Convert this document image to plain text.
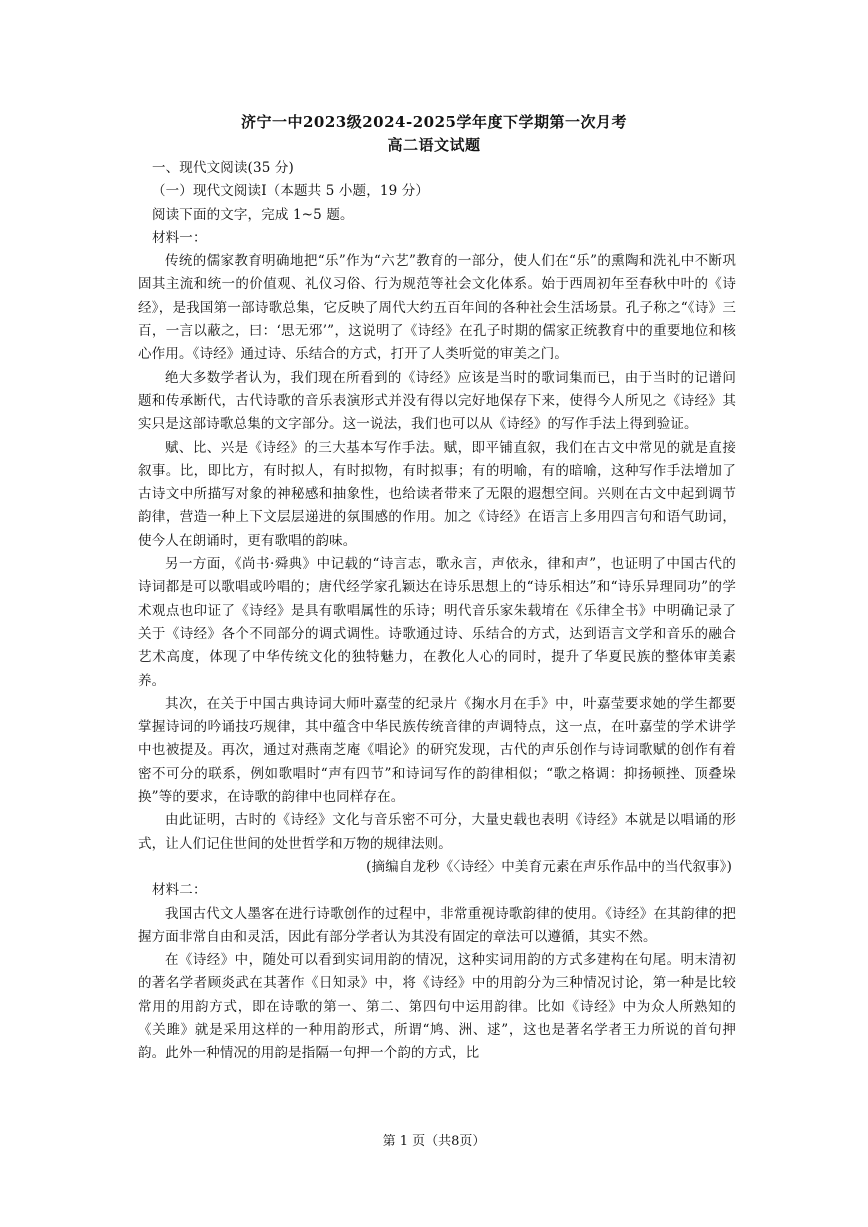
济宁一中2023级2024-2025学年度下学期第一次月考
高二语文试题

一、现代文阅读(35 分)

（一）现代文阅读Ⅰ（本题共 5 小题，19 分）

阅读下面的文字，完成 1~5 题。

材料一：

传统的儒家教育明确地把“乐”作为“六艺”教育的一部分，使人们在“乐”的熏陶和洗礼中不断巩固其主流和统一的价值观、礼仪习俗、行为规范等社会文化体系。始于西周初年至春秋中叶的《诗经》，是我国第一部诗歌总集，它反映了周代大约五百年间的各种社会生活场景。孔子称之“《诗》三百，一言以蔽之，曰：‘思无邪’”，这说明了《诗经》在孔子时期的儒家正统教育中的重要地位和核心作用。《诗经》通过诗、乐结合的方式，打开了人类听觉的审美之门。

绝大多数学者认为，我们现在所看到的《诗经》应该是当时的歌词集而已，由于当时的记谱问题和传承断代，古代诗歌的音乐表演形式并没有得以完好地保存下来，使得今人所见之《诗经》其实只是这部诗歌总集的文字部分。这一说法，我们也可以从《诗经》的写作手法上得到验证。

赋、比、兴是《诗经》的三大基本写作手法。赋，即平铺直叙，我们在古文中常见的就是直接叙事。比，即比方，有时拟人，有时拟物，有时拟事；有的明喻，有的暗喻，这种写作手法增加了古诗文中所描写对象的神秘感和抽象性，也给读者带来了无限的遐想空间。兴则在古文中起到调节韵律，营造一种上下文层层递进的氛围感的作用。加之《诗经》在语言上多用四言句和语气助词，使今人在朗诵时，更有歌唱的韵味。

另一方面，《尚书·舜典》中记载的“诗言志，歌永言，声依永，律和声”，也证明了中国古代的诗词都是可以歌唱或吟唱的；唐代经学家孔颖达在诗乐思想上的“诗乐相达”和“诗乐异理同功”的学术观点也印证了《诗经》是具有歌唱属性的乐诗；明代音乐家朱载堉在《乐律全书》中明确记录了关于《诗经》各个不同部分的调式调性。诗歌通过诗、乐结合的方式，达到语言文学和音乐的融合艺术高度，体现了中华传统文化的独特魅力，在教化人心的同时，提升了华夏民族的整体审美素养。

其次，在关于中国古典诗词大师叶嘉莹的纪录片《掬水月在手》中，叶嘉莹要求她的学生都要掌握诗词的吟诵技巧规律，其中蕴含中华民族传统音律的声调特点，这一点，在叶嘉莹的学术讲学中也被提及。再次，通过对燕南芝庵《唱论》的研究发现，古代的声乐创作与诗词歌赋的创作有着密不可分的联系，例如歌唱时“声有四节”和诗词写作的韵律相似；“歌之格调：抑扬顿挫、顶叠垛换”等的要求，在诗歌的韵律中也同样存在。

由此证明，古时的《诗经》文化与音乐密不可分，大量史载也表明《诗经》本就是以唱诵的形式，让人们记住世间的处世哲学和万物的规律法则。

(摘编自龙秒《〈诗经〉中美育元素在声乐作品中的当代叙事》)

材料二：

我国古代文人墨客在进行诗歌创作的过程中，非常重视诗歌韵律的使用。《诗经》在其韵律的把握方面非常自由和灵活，因此有部分学者认为其没有固定的章法可以遵循，其实不然。

在《诗经》中，随处可以看到实词用韵的情况，这种实词用韵的方式多建构在句尾。明末清初的著名学者顾炎武在其著作《日知录》中，将《诗经》中的用韵分为三种情况讨论，第一种是比较常用的用韵方式，即在诗歌的第一、第二、第四句中运用韵律。比如《诗经》中为众人所熟知的《关雎》就是采用这样的一种用韵形式，所谓“鸠、洲、逑”，这也是著名学者王力所说的首句押韵。此外一种情况的用韵是指隔一句押一个韵的方式，比

第 1 页（共8页）
